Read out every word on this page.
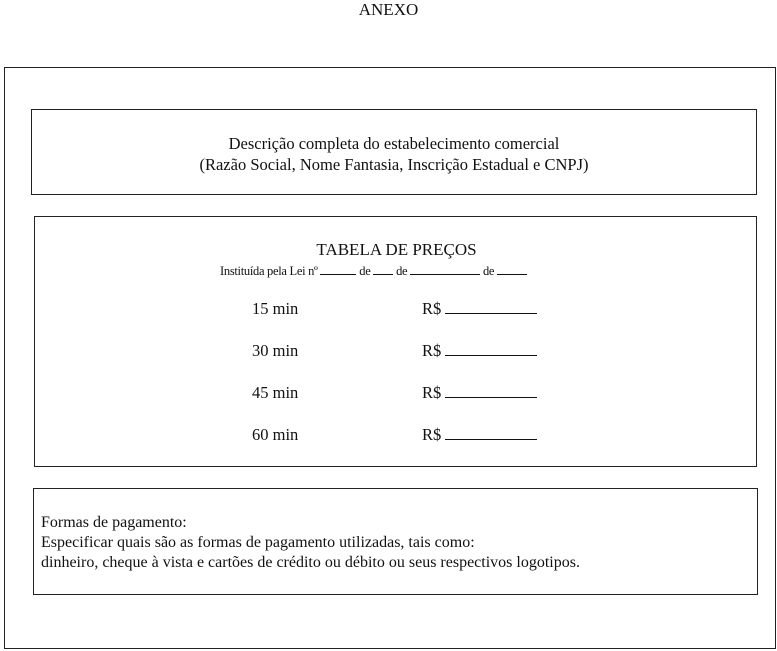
ANEXO
Descrição completa do estabelecimento comercial
(Razão Social, Nome Fantasia, Inscrição Estadual e CNPJ)
TABELA DE PREÇOS
Instituída pela Lei nº	de de	de
15 min	R$
30 min	R$
45 min	R$
60 min	R$
Formas de pagamento:
Especificar quais são as formas de pagamento utilizadas, tais como:
dinheiro, cheque à vista e cartões de crédito ou débito ou seus respectivos logotipos.
